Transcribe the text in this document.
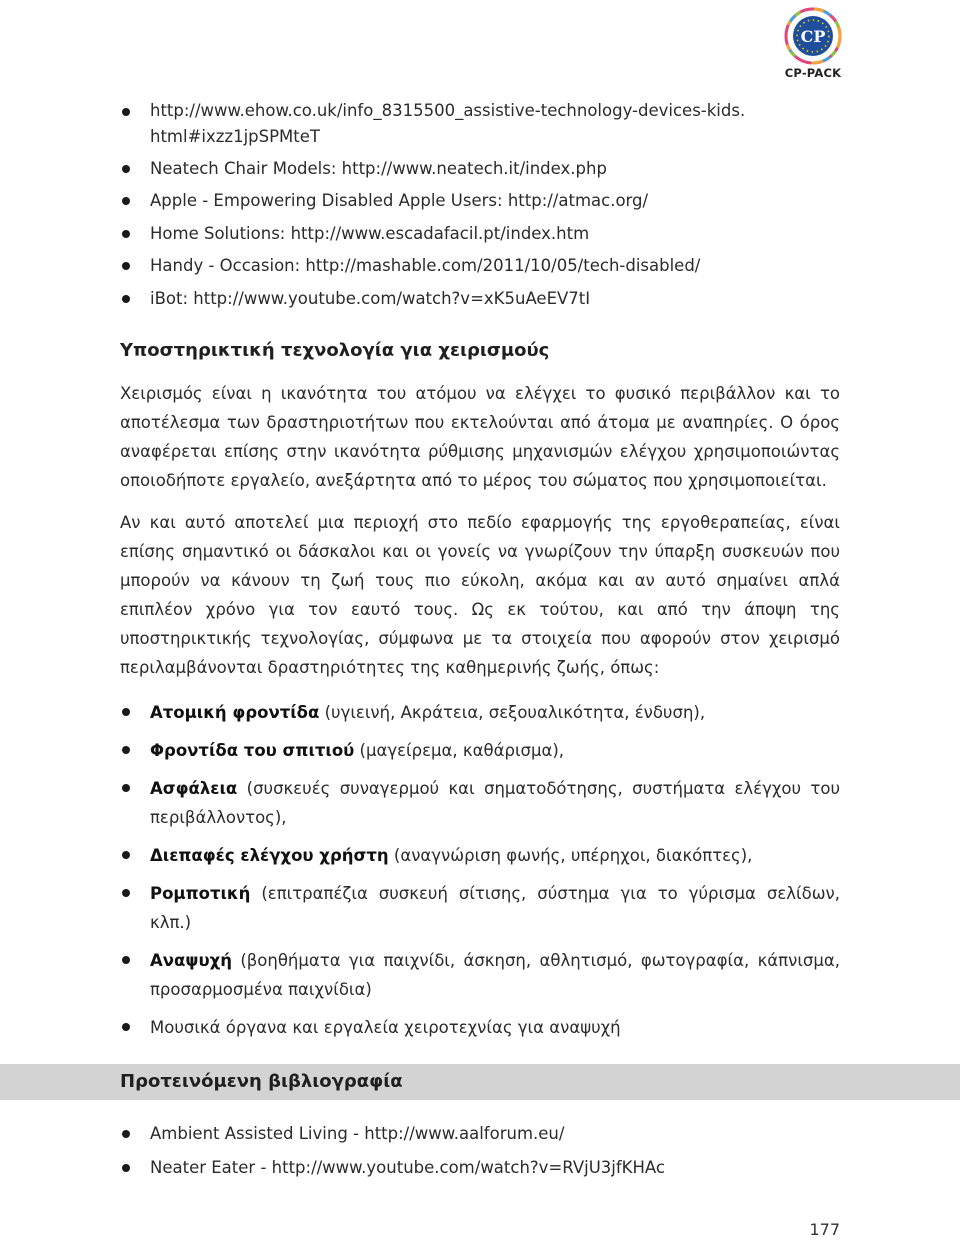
CP
CP-PACK
http://www.ehow.co.uk/info_8315500_assistive-technology-devices-kids. html#ixzz1jpSPMteT
Neatech Chair Models: http://www.neatech.it/index.php
Apple - Empowering Disabled Apple Users: http://atmac.org/
Home Solutions: http://www.escadafacil.pt/index.htm
Handy - Occasion: http://mashable.com/2011/10/05/tech-disabled/
iBot: http://www.youtube.com/watch?v=xK5uAeEV7tI
Υποστηρικτική τεχνολογία για χειρισμούς

Χειρισμός είναι η ικανότητα του ατόμου να ελέγχει το φυσικό περιβάλλον και το αποτέλεσμα των δραστηριοτήτων που εκτελούνται από άτομα με αναπηρίες. Ο όρος αναφέρεται επίσης στην ικανότητα ρύθμισης μηχανισμών ελέγχου χρησιμοποιώντας οποιοδήποτε εργαλείο, ανεξάρτητα από το μέρος του σώματος που χρησιμοποιείται.

Αν και αυτό αποτελεί μια περιοχή στο πεδίο εφαρμογής της εργοθεραπείας, είναι επίσης σημαντικό οι δάσκαλοι και οι γονείς να γνωρίζουν την ύπαρξη συσκευών που μπορούν να κάνουν τη ζωή τους πιο εύκολη, ακόμα και αν αυτό σημαίνει απλά επιπλέον χρόνο για τον εαυτό τους. Ως εκ τούτου, και από την άποψη της υποστηρικτικής τεχνολογίας, σύμφωνα με τα στοιχεία που αφορούν στον χειρισμό περιλαμβάνονται δραστηριότητες της καθημερινής ζωής, όπως:

Ατομική φροντίδα (υγιεινή, Ακράτεια, σεξουαλικότητα, ένδυση),
Φροντίδα του σπιτιού (μαγείρεμα, καθάρισμα),
Ασφάλεια (συσκευές συναγερμού και σηματοδότησης, συστήματα ελέγχου του περιβάλλοντος),
Διεπαφές ελέγχου χρήστη (αναγνώριση φωνής, υπέρηχοι, διακόπτες),
Ρομποτική (επιτραπέζια συσκευή σίτισης, σύστημα για το γύρισμα σελίδων, κλπ.)
Αναψυχή (βοηθήματα για παιχνίδι, άσκηση, αθλητισμό, φωτογραφία, κάπνισμα, προσαρμοσμένα παιχνίδια)
Μουσικά όργανα και εργαλεία χειροτεχνίας για αναψυχή
Προτεινόμενη βιβλιογραφία
Ambient Assisted Living - http://www.aalforum.eu/
Neater Eater - http://www.youtube.com/watch?v=RVjU3jfKHAc
177
